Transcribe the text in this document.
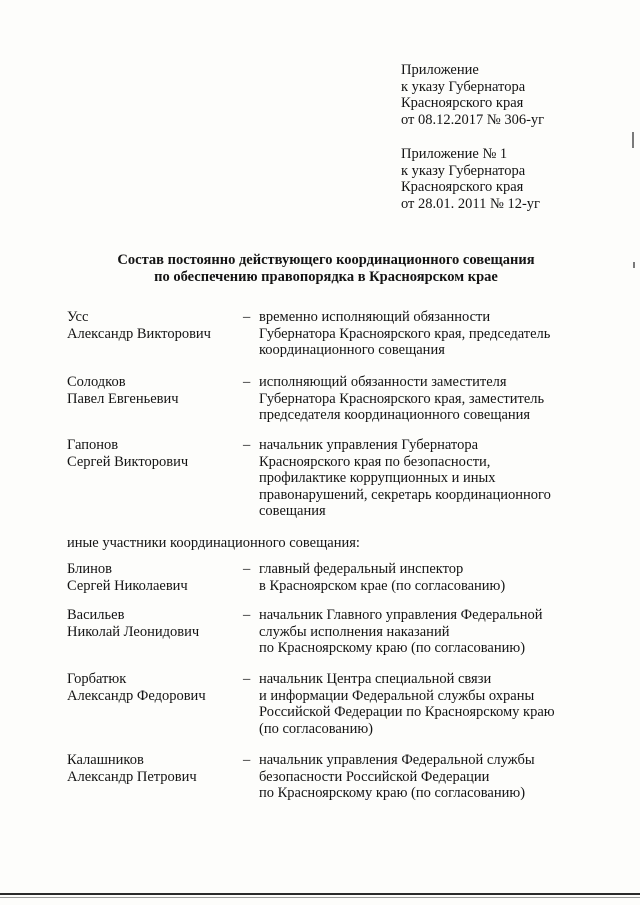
Приложение
к указу Губернатора
Красноярского края
от 08.12.2017 № 306-уг
Приложение № 1
к указу Губернатора
Красноярского края
от 28.01. 2011 № 12-уг
Состав постоянно действующего координационного совещания
по обеспечению правопорядка в Красноярском крае
Усс
Александр Викторович
– временно исполняющий обязанности
Губернатора Красноярского края, председатель
координационного совещания
Солодков
Павел Евгеньевич
– исполняющий обязанности заместителя
Губернатора Красноярского края, заместитель
председателя координационного совещания
Гапонов
Сергей Викторович
– начальник управления Губернатора
Красноярского края по безопасности,
профилактике коррупционных и иных
правонарушений, секретарь координационного
совещания
иные участники координационного совещания:
Блинов
Сергей Николаевич
– главный федеральный инспектор
в Красноярском крае (по согласованию)
Васильев
Николай Леонидович
– начальник Главного управления Федеральной
службы исполнения наказаний
по Красноярскому краю (по согласованию)
Горбатюк
Александр Федорович
– начальник Центра специальной связи
и информации Федеральной службы охраны
Российской Федерации по Красноярскому краю
(по согласованию)
Калашников
Александр Петрович
– начальник управления Федеральной службы
безопасности Российской Федерации
по Красноярскому краю (по согласованию)
